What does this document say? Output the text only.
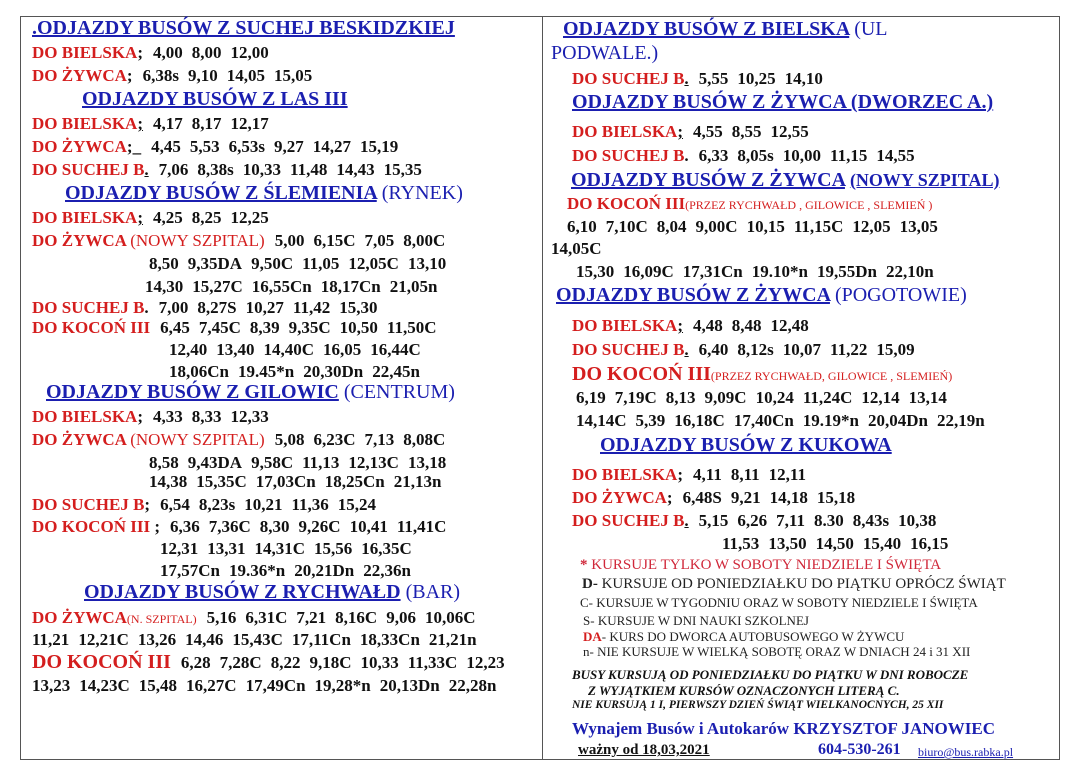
.ODJAZDY BUSÓW Z SUCHEJ BESKIDZKIEJ
DO BIELSKA; 4,00 8,00 12,00
DO ŻYWCA; 6,38s 9,10 14,05 15,05
ODJAZDY BUSÓW Z LAS III
DO BIELSKA; 4,17 8,17 12,17
DO ŻYWCA;_ 4,45 5,53 6,53s 9,27 14,27 15,19
DO SUCHEJ B. 7,06 8,38s 10,33 11,48 14,43 15,35
ODJAZDY BUSÓW Z ŚLEMIENIA (RYNEK)
DO BIELSKA; 4,25 8,25 12,25
DO ŻYWCA (NOWY SZPITAL) 5,00 6,15C 7,05 8,00C
8,50 9,35DA 9,50C 11,05 12,05C 13,10
14,30 15,27C 16,55Cn 18,17Cn 21,05n
DO SUCHEJ B. 7,00 8,27S 10,27 11,42 15,30
DO KOCOŃ III 6,45 7,45C 8,39 9,35C 10,50 11,50C
12,40 13,40 14,40C 16,05 16,44C
18,06Cn 19.45*n 20,30Dn 22,45n
ODJAZDY BUSÓW Z GILOWIC (CENTRUM)
DO BIELSKA; 4,33 8,33 12,33
DO ŻYWCA (NOWY SZPITAL) 5,08 6,23C 7,13 8,08C
8,58 9,43DA 9,58C 11,13 12,13C 13,18
14,38 15,35C 17,03Cn 18,25Cn 21,13n
DO SUCHEJ B; 6,54 8,23s 10,21 11,36 15,24
DO KOCOŃ III ; 6,36 7,36C 8,30 9,26C 10,41 11,41C
12,31 13,31 14,31C 15,56 16,35C
17,57Cn 19.36*n 20,21Dn 22,36n
ODJAZDY BUSÓW Z RYCHWAŁD (BAR)
DO ŻYWCA(N. SZPITAL) 5,16 6,31C 7,21 8,16C 9,06 10,06C
11,21 12,21C 13,26 14,46 15,43C 17,11Cn 18,33Cn 21,21n
DO KOCOŃ III 6,28 7,28C 8,22 9,18C 10,33 11,33C 12,23
13,23 14,23C 15,48 16,27C 17,49Cn 19,28*n 20,13Dn 22,28n
ODJAZDY BUSÓW Z BIELSKA (UL PODWALE.)
DO SUCHEJ B. 5,55 10,25 14,10
ODJAZDY BUSÓW Z ŻYWCA (DWORZEC A.)
DO BIELSKA; 4,55 8,55 12,55
DO SUCHEJ B. 6,33 8,05s 10,00 11,15 14,55
ODJAZDY BUSÓW Z ŻYWCA (NOWY SZPITAL)
DO KOCOŃ III(PRZEZ RYCHWAŁD , GILOWICE , SLEMIEŃ )
6,10 7,10C 8,04 9,00C 10,15 11,15C 12,05 13,05
14,05C
15,30 16,09C 17,31Cn 19.10*n 19,55Dn 22,10n
ODJAZDY BUSÓW Z ŻYWCA (POGOTOWIE)
DO BIELSKA; 4,48 8,48 12,48
DO SUCHEJ B. 6,40 8,12s 10,07 11,22 15,09
DO KOCOŃ III(PRZEZ RYCHWAŁD, GILOWICE , SLEMIEŃ)
6,19 7,19C 8,13 9,09C 10,24 11,24C 12,14 13,14
14,14C 5,39 16,18C 17,40Cn 19.19*n 20,04Dn 22,19n
ODJAZDY BUSÓW Z KUKOWA
DO BIELSKA; 4,11 8,11 12,11
DO ŻYWCA; 6,48S 9,21 14,18 15,18
DO SUCHEJ B. 5,15 6,26 7,11 8.30 8,43s 10,38
11,53 13,50 14,50 15,40 16,15
* KURSUJE TYLKO W SOBOTY NIEDZIELE I ŚWIĘTA
D- KURSUJE OD PONIEDZIAŁKU DO PIĄTKU OPRÓCZ ŚWIĄT
C- KURSUJE W TYGODNIU ORAZ W SOBOTY NIEDZIELE I ŚWIĘTA
S- KURSUJE W DNI NAUKI SZKOLNEJ
DA- KURS DO DWORCA AUTOBUSOWEGO W ŻYWCU
n- NIE KURSUJE W WIELKĄ SOBOTĘ ORAZ W DNIACH 24 i 31 XII
BUSY KURSUJĄ OD PONIEDZIAŁKU DO PIĄTKU W DNI ROBOCZE
Z WYJĄTKIEM KURSÓW OZNACZONYCH LITERĄ C.
NIE KURSUJĄ 1 I, PIERWSZY DZIEŃ ŚWIĄT WIELKANOCNYCH, 25 XII
Wynajem Busów i Autokarów KRZYSZTOF JANOWIEC
ważny od 18,03,2021	604-530-261 biuro@bus.rabka.pl
